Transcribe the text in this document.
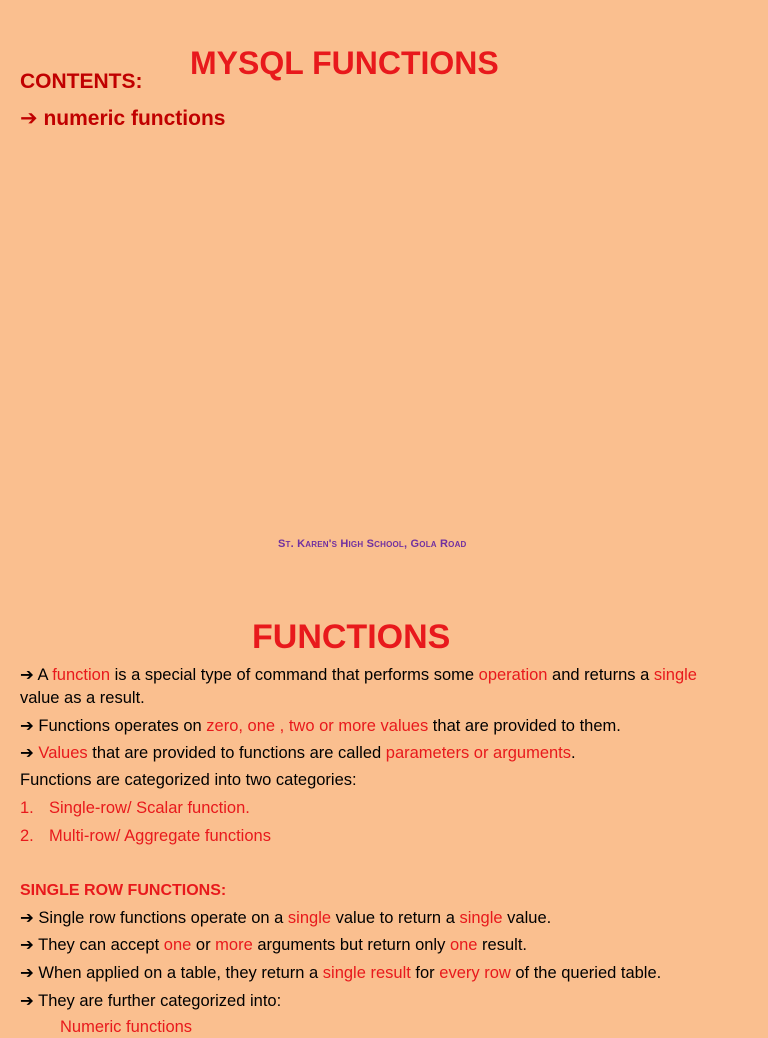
CONTENTS:
MYSQL FUNCTIONS
➔ numeric functions
St. Karen's High School, Gola Road
FUNCTIONS
➔ A function is a special type of command that performs some operation and returns a single
value as a result.
➔ Functions operates on zero, one , two or more values that are provided to them.
➔ Values that are provided to functions are called parameters or arguments.
Functions are categorized into two categories:
1. Single-row/ Scalar function.
2. Multi-row/ Aggregate functions
SINGLE ROW FUNCTIONS:
➔ Single row functions operate on a single value to return a single value.
➔ They can accept one or more arguments but return only one result.
➔ When applied on a table, they return a single result for every row of the queried table.
➔ They are further categorized into:
Numeric functions
